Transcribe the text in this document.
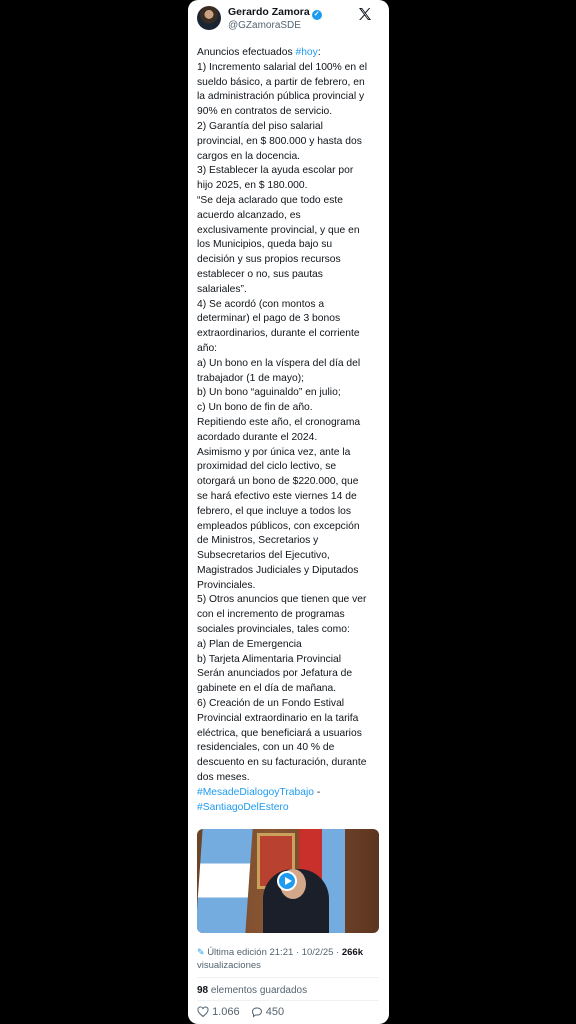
Gerardo Zamora ✓
@GZamoraSDE
Anuncios efectuados #hoy:
1) Incremento salarial del 100% en el
sueldo básico, a partir de febrero, en
la administración pública provincial y
90% en contratos de servicio.
2) Garantía del piso salarial
provincial, en $ 800.000 y hasta dos
cargos en la docencia.
3) Establecer la ayuda escolar por
hijo 2025, en $ 180.000.
“Se deja aclarado que todo este
acuerdo alcanzado, es
exclusivamente provincial, y que en
los Municipios, queda bajo su
decisión y sus propios recursos
establecer o no, sus pautas
salariales”.
4) Se acordó (con montos a
determinar) el pago de 3 bonos
extraordinarios, durante el corriente
año:
a) Un bono en la víspera del día del
trabajador (1 de mayo);
b) Un bono “aguinaldo” en julio;
c) Un bono de fin de año.
Repitiendo este año, el cronograma
acordado durante el 2024.
Asimismo y por única vez, ante la
proximidad del ciclo lectivo, se
otorgará un bono de $220.000, que
se hará efectivo este viernes 14 de
febrero, el que incluye a todos los
empleados públicos, con excepción
de Ministros, Secretarios y
Subsecretarios del Ejecutivo,
Magistrados Judiciales y Diputados
Provinciales.
5) Otros anuncios que tienen que ver
con el incremento de programas
sociales provinciales, tales como:
a) Plan de Emergencia
b) Tarjeta Alimentaria Provincial
Serán anunciados por Jefatura de
gabinete en el día de mañana.
6) Creación de un Fondo Estival
Provincial extraordinario en la tarifa
eléctrica, que beneficiará a usuarios
residenciales, con un 40 % de
descuento en su facturación, durante
dos meses.
#MesadeDialogoyTrabajo -
#SantiagoDelEstero
✎ Última edición 21:21 · 10/2/25 · 266k
visualizaciones
98 elementos guardados
1.066 450
